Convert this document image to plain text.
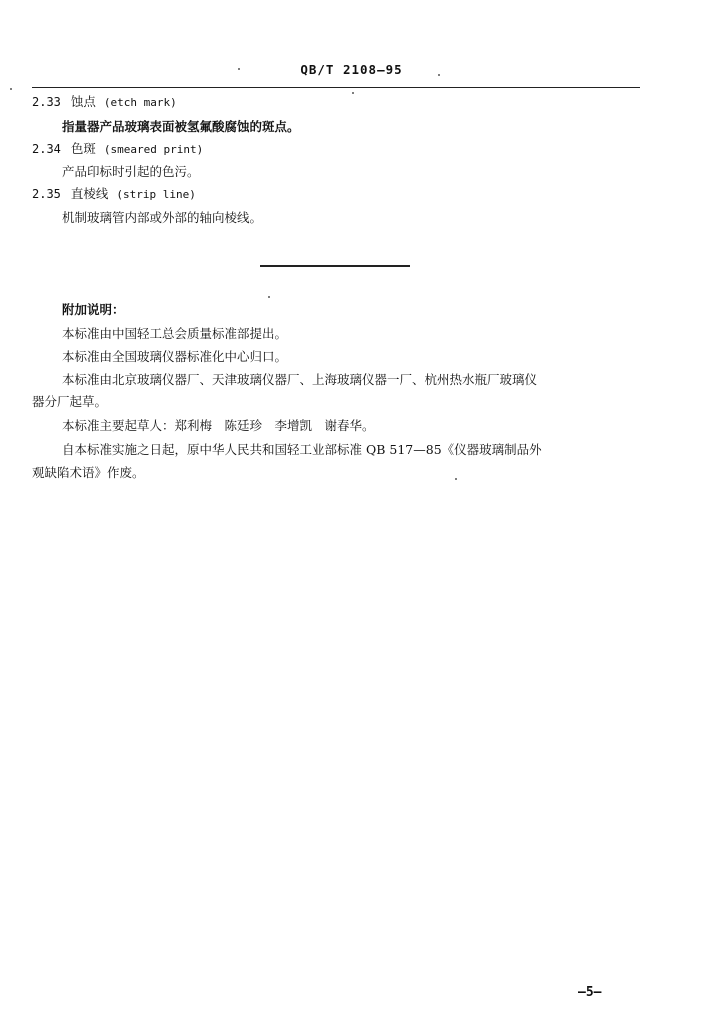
QB/T 2108—95
2.33 蚀点 (etch mark)
指量器产品玻璃表面被氢氟酸腐蚀的斑点。
2.34 色斑 (smeared print)
产品印标时引起的色污。
2.35 直棱线 (strip line)
机制玻璃管内部或外部的轴向棱线。
附加说明：
本标准由中国轻工总会质量标准部提出。
本标准由全国玻璃仪器标准化中心归口。
本标准由北京玻璃仪器厂、天津玻璃仪器厂、上海玻璃仪器一厂、杭州热水瓶厂玻璃仪
器分厂起草。
本标准主要起草人：郑利梅　陈廷珍　李增凯　谢春华。
自本标准实施之日起，原中华人民共和国轻工业部标准 QB 517—85《仪器玻璃制品外
观缺陷术语》作废。
—5—
